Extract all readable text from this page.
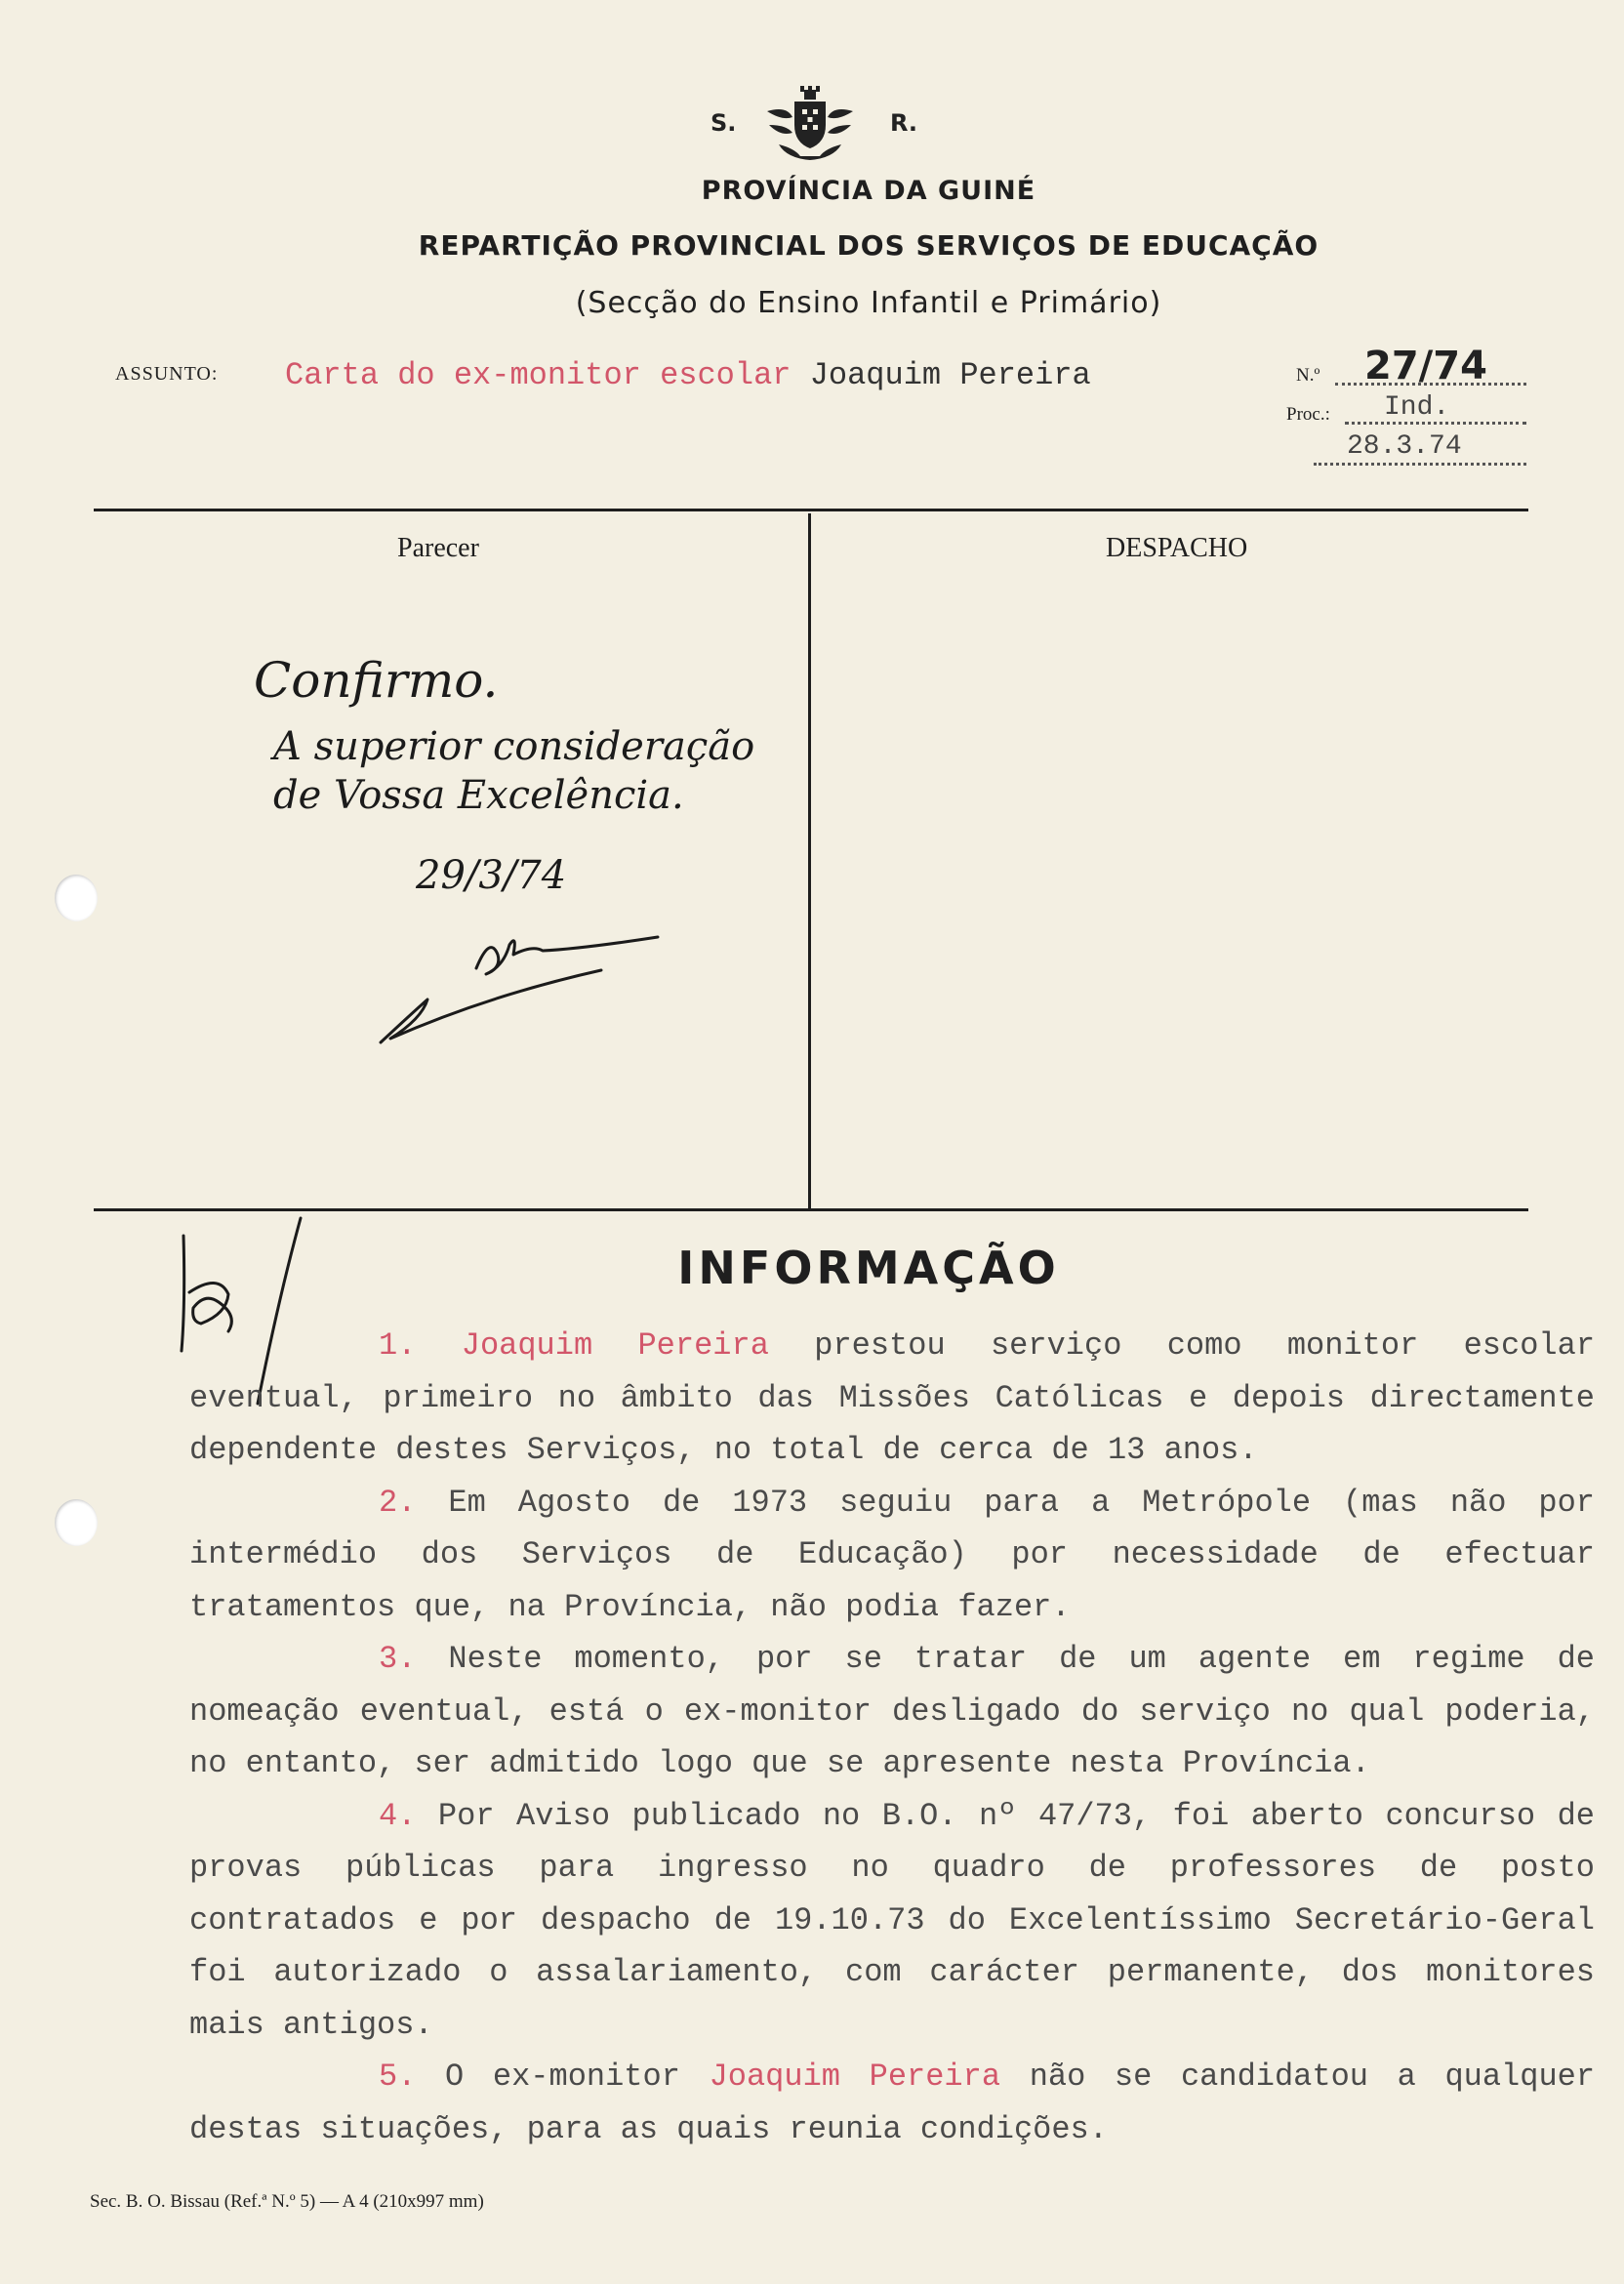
S.	R.
PROVÍNCIA DA GUINÉ
REPARTIÇÃO PROVINCIAL DOS SERVIÇOS DE EDUCAÇÃO
(Secção do Ensino Infantil e Primário)
ASSUNTO: Carta do ex-monitor escolar Joaquim Pereira	N.º 27/74
Proc.: Ind.
28.3.74
Parecer	DESPACHO
Confirmo.
A superior consideração
de Vossa Excelência.
29/3/74
INFORMAÇÃO

1. Joaquim Pereira prestou serviço como monitor escolar eventual, primeiro no âmbito das Missões Católicas e depois directamente dependente destes Serviços, no total de cerca de 13 anos.

2. Em Agosto de 1973 seguiu para a Metrópole (mas não por intermédio dos Serviços de Educação) por necessidade de efectuar tratamentos que, na Província, não podia fazer.

3. Neste momento, por se tratar de um agente em regime de nomeação eventual, está o ex-monitor desligado do serviço no qual poderia, no entanto, ser admitido logo que se apresente nesta Província.

4. Por Aviso publicado no B.O. nº 47/73, foi aberto concurso de provas públicas para ingresso no quadro de professores de posto contratados e por despacho de 19.10.73 do Excelentíssimo Secretário-Geral foi autorizado o assalariamento, com carácter permanente, dos monitores mais antigos.

5. O ex-monitor Joaquim Pereira não se candidatou a qualquer destas situações, para as quais reunia condições.

Sec. B. O. Bissau (Ref.ª N.º 5) — A 4 (210x997 mm)
